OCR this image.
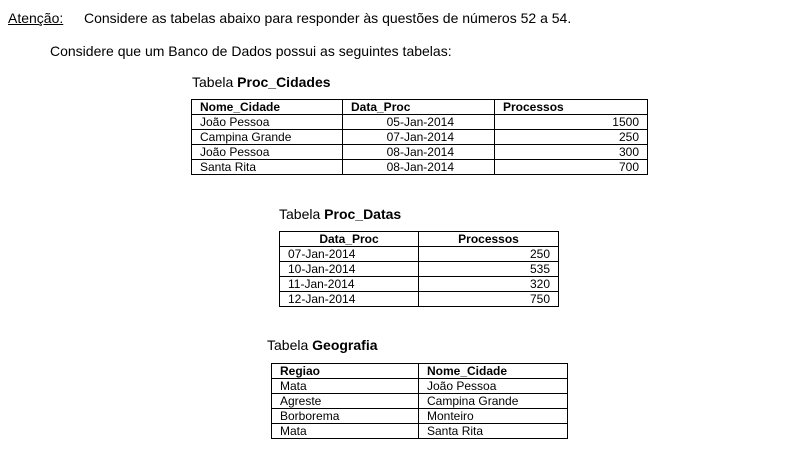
Atenção: Considere as tabelas abaixo para responder às questões de números 52 a 54.
Considere que um Banco de Dados possui as seguintes tabelas:
Tabela Proc_Cidades
Nome_Cidade	Data_Proc	Processos
João Pessoa	05-Jan-2014	1500
Campina Grande	07-Jan-2014	250
João Pessoa	08-Jan-2014	300
Santa Rita	08-Jan-2014	700
Tabela Proc_Datas
Data_Proc	Processos
07-Jan-2014	250
10-Jan-2014	535
11-Jan-2014	320
12-Jan-2014	750
Tabela Geografia
Regiao	Nome_Cidade
Mata	João Pessoa
Agreste	Campina Grande
Borborema	Monteiro
Mata	Santa Rita
